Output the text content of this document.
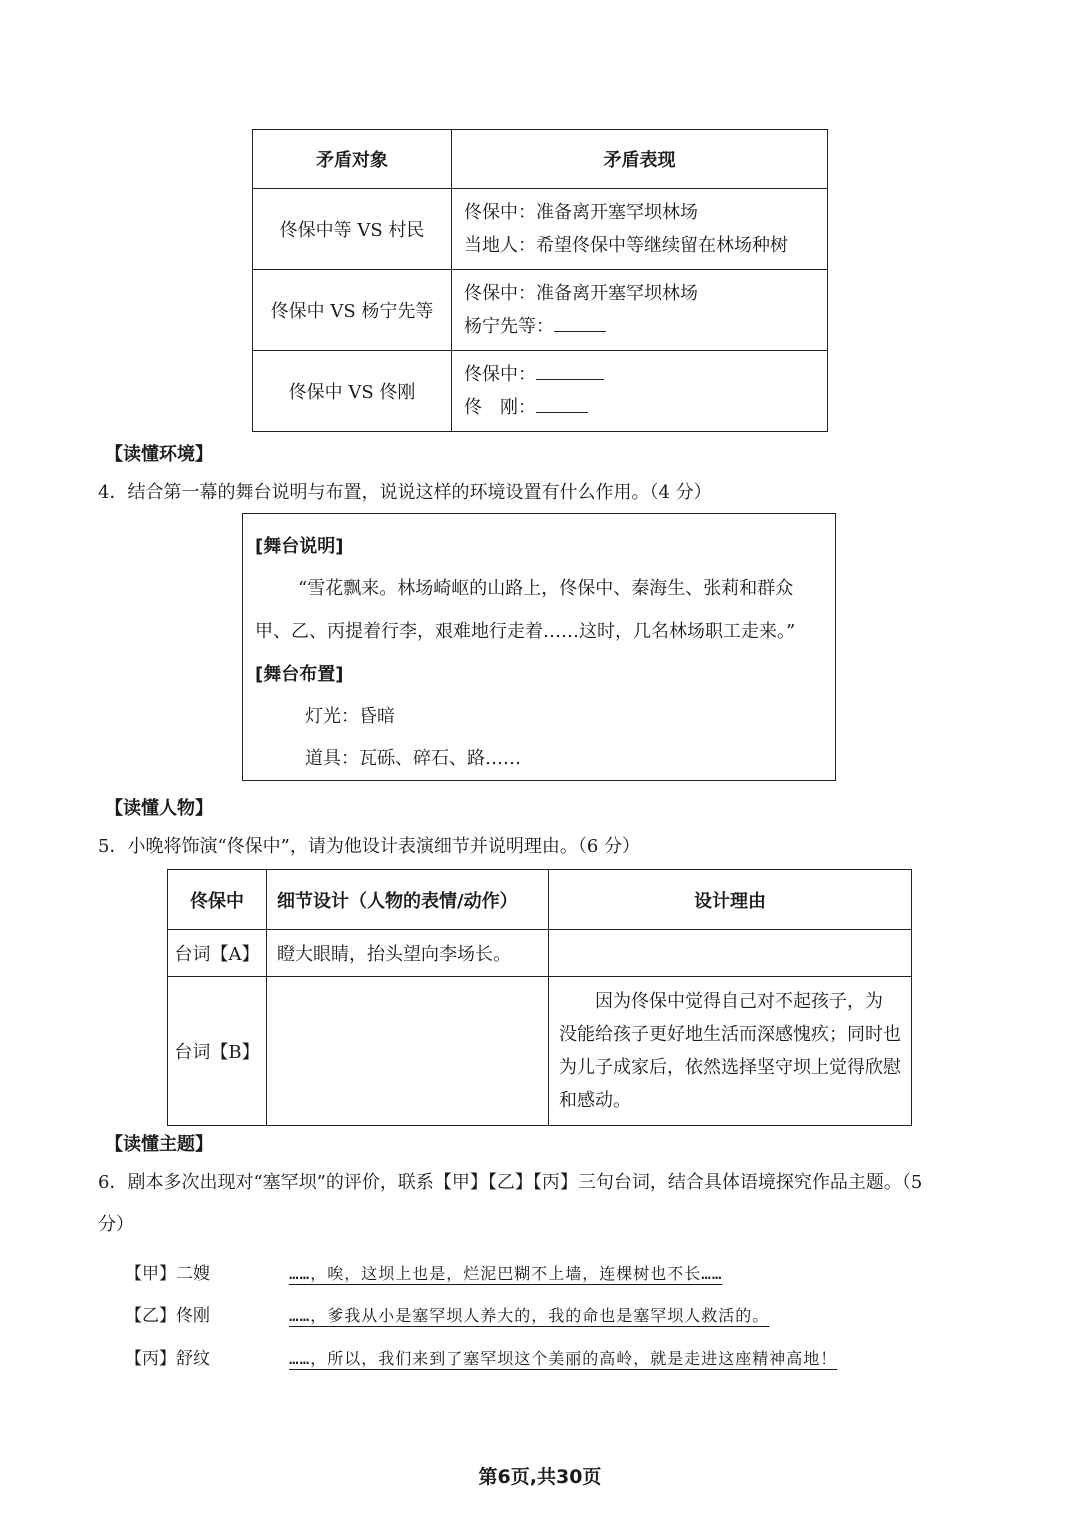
矛盾对象	矛盾表现
佟保中等 VS 村民	佟保中：准备离开塞罕坝林场
当地人：希望佟保中等继续留在林场种树

佟保中 VS 杨宁先等	佟保中：准备离开塞罕坝林场
杨宁先等：

佟保中 VS 佟刚	佟保中：
佟　刚：
【读懂环境】
4．结合第一幕的舞台说明与布置，说说这样的环境设置有什么作用。（4 分）
[舞台说明]
“雪花飘来。林场崎岖的山路上，佟保中、秦海生、张莉和群众
甲、乙、丙提着行李，艰难地行走着……这时，几名林场职工走来。”
[舞台布置]
灯光：昏暗
道具：瓦砾、碎石、路……
【读懂人物】
5．小晚将饰演“佟保中”，请为他设计表演细节并说明理由。（6 分）
佟保中	细节设计（人物的表情/动作）	设计理由
台词【A】	瞪大眼睛，抬头望向李场长。	
台词【B】		　　因为佟保中觉得自己对不起孩子，为
没能给孩子更好地生活而深感愧疚；同时也
为儿子成家后，依然选择坚守坝上觉得欣慰
和感动。
【读懂主题】
6．剧本多次出现对“塞罕坝”的评价，联系【甲】【乙】【丙】三句台词，结合具体语境探究作品主题。（5
分）
【甲】二嫂	……，唉，这坝上也是，烂泥巴糊不上墙，连棵树也不长……
【乙】佟刚	……，爹我从小是塞罕坝人养大的，我的命也是塞罕坝人救活的。
【丙】舒纹	……，所以，我们来到了塞罕坝这个美丽的高岭，就是走进这座精神高地！
第6页,共30页
